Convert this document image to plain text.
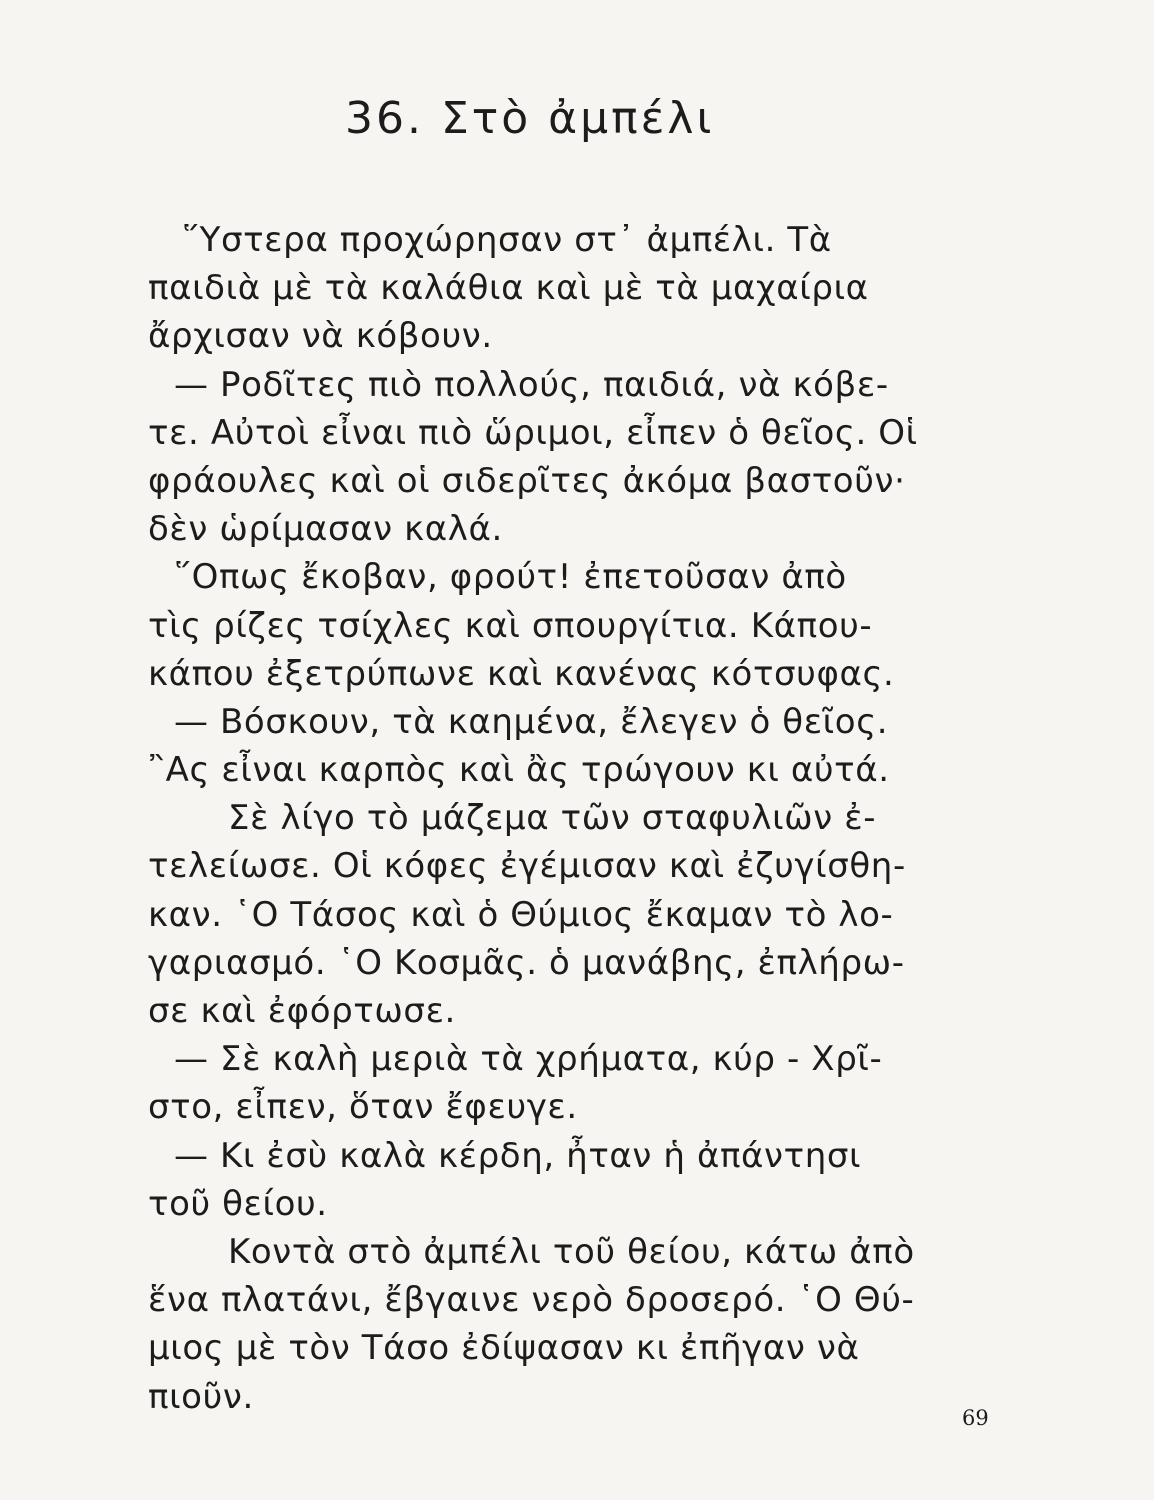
36. Στὸ ἀμπέλι
῞Υστερα προχώρησαν στ᾽ ἀμπέλι. Τὰ
παιδιὰ μὲ τὰ καλάθια καὶ μὲ τὰ μαχαίρια
ἄρχισαν νὰ κόβουν.
— Ροδῖτες πιὸ πολλούς, παιδιά, νὰ κόβε-
τε. Αὐτοὶ εἶναι πιὸ ὥριμοι, εἶπεν ὁ θεῖος. Οἱ
φράουλες καὶ οἱ σιδερῖτες ἀκόμα βαστοῦν·
δὲν ὡρίμασαν καλά.
῞Οπως ἔκοβαν, φρούτ! ἐπετοῦσαν ἀπὸ
τὶς ρίζες τσίχλες καὶ σπουργίτια. Κάπου-
κάπου ἐξετρύπωνε καὶ κανένας κότσυφας.
— Βόσκουν, τὰ καημένα, ἔλεγεν ὁ θεῖος.
῍Ας εἶναι καρπὸς καὶ ἂς τρώγουν κι αὐτά.
Σὲ λίγο τὸ μάζεμα τῶν σταφυλιῶν ἐ-
τελείωσε. Οἱ κόφες ἐγέμισαν καὶ ἐζυγίσθη-
καν. ῾Ο Τάσος καὶ ὁ Θύμιος ἔκαμαν τὸ λο-
γαριασμό. ῾Ο Κοσμᾶς. ὁ μανάβης, ἐπλήρω-
σε καὶ ἐφόρτωσε.
— Σὲ καλὴ μεριὰ τὰ χρήματα, κύρ - Χρῖ-
στο, εἶπεν, ὅταν ἔφευγε.
— Κι ἐσὺ καλὰ κέρδη, ἦταν ἡ ἀπάντησι
τοῦ θείου.
Κοντὰ στὸ ἀμπέλι τοῦ θείου, κάτω ἀπὸ
ἕνα πλατάνι, ἔβγαινε νερὸ δροσερό. ῾Ο Θύ-
μιος μὲ τὸν Τάσο ἐδίψασαν κι ἐπῆγαν νὰ
πιοῦν.
69
